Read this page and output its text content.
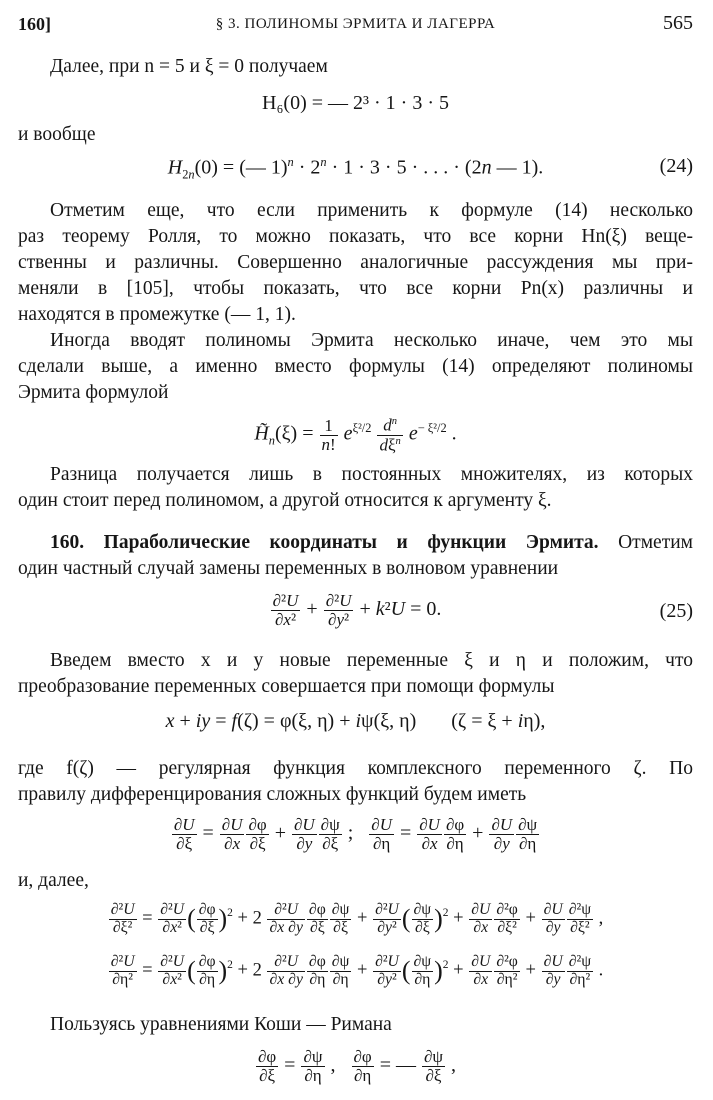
160]	§ 3. ПОЛИНОМЫ ЭРМИТА И ЛАГЕРРА	565
Далее, при n = 5 и ξ = 0 получаем
H₆(0) = — 2³ · 1 · 3 · 5
и вообще
$H_{2n}(0)$ = (— $1)^n \cdot 2^n \cdot 1 \cdot 3 \cdot 5$ · . . . · (2n — 1).	(24)
Отметим еще, что если применить к формуле (14) несколько
раз теорему Ролля, то можно показать, что все корни Hn(ξ) веще-
ственны и различны. Совершенно аналогичные рассуждения мы при-
меняли в [105], чтобы показать, что все корни Pn(x) различны и
находятся в промежутке (— 1, 1).
Иногда вводят полиномы Эрмита несколько иначе, чем это мы
сделали выше, а именно вместо формулы (14) определяют полиномы
Эрмита формулой
$H̃_n(\xi) = \frac{1}{n!} e^{\xi^2/2} \frac{d^n}{d\xi^n} e^{- \xi^2/2}$ .
Разница получается лишь в постоянных множителях, из которых
один стоит перед полиномом, а другой относится к аргументу ξ.
160. Параболические координаты и функции Эрмита. Отметим
один частный случай замены переменных в волновом уравнении
$\frac{\text{∂²U}}{\text{∂x²}} + \frac{\text{∂²U}}{\text{∂y²}} + k^2U = 0$.	(25)
Введем вместо x и y новые переменные ξ и η и положим, что
преобразование переменных совершается при помощи формулы
x + iy = f(ζ) = φ(ξ, η) + iψ(ξ, η)       (ζ = ξ + iη),
где f(ζ) — регулярная функция комплексного переменного ζ. По
правилу дифференцирования сложных функций будем иметь
$\frac{\partial U}{\partial\xi} = \frac{\partial U}{\partial x} \frac{\partial\varphi}{\partial\xi} + \frac{\partial U}{\partial y} \frac{\partial\psi}{\partial\xi}$ ; $\frac{\partial U}{\partial\eta} = \frac{\partial U}{\partial x} \frac{\partial\varphi}{\partial\eta} + \frac{\partial U}{\partial y} \frac{\partial\psi}{\partial\eta}$
и, далее,
$\frac{\text{∂²U}}{\text{∂ξ²}} = \frac{\text{∂²U}}{\text{∂x²}}$ ( $\frac{\partial\varphi}{\partial\xi} )^2 + 2 \frac{\text{∂²U}}{\partial x \partial y} \frac{\partial\varphi}{\partial\xi} \frac{\partial\psi}{\partial\xi} + \frac{\text{∂²U}}{\text{∂y²}}$ ( $\frac{\partial\psi}{\partial\xi} )^2 + \frac{\partial U}{\partial x} \frac{\text{∂²φ}}{\text{∂ξ²}} + \frac{\partial U}{\partial y} \frac{\text{∂²ψ}}{\text{∂ξ²}}$ ,
$\frac{\text{∂²U}}{\text{∂η²}} = \frac{\text{∂²U}}{\text{∂x²}}$ ( $\frac{\partial\varphi}{\partial\eta} )^2 + 2 \frac{\text{∂²U}}{\partial x \partial y} \frac{\partial\varphi}{\partial\eta} \frac{\partial\psi}{\partial\eta} + \frac{\text{∂²U}}{\text{∂y²}}$ ( $\frac{\partial\psi}{\partial\eta} )^2 + \frac{\partial U}{\partial x} \frac{\text{∂²φ}}{\text{∂η²}} + \frac{\partial U}{\partial y} \frac{\text{∂²ψ}}{\text{∂η²}}$ .
Пользуясь уравнениями Коши — Римана
$\frac{\partial\varphi}{\partial\xi} = \frac{\partial\psi}{\partial\eta}$ , $\frac{\partial\varphi}{\partial\eta}$ = — $\frac{\partial\psi}{\partial\xi}$ ,
